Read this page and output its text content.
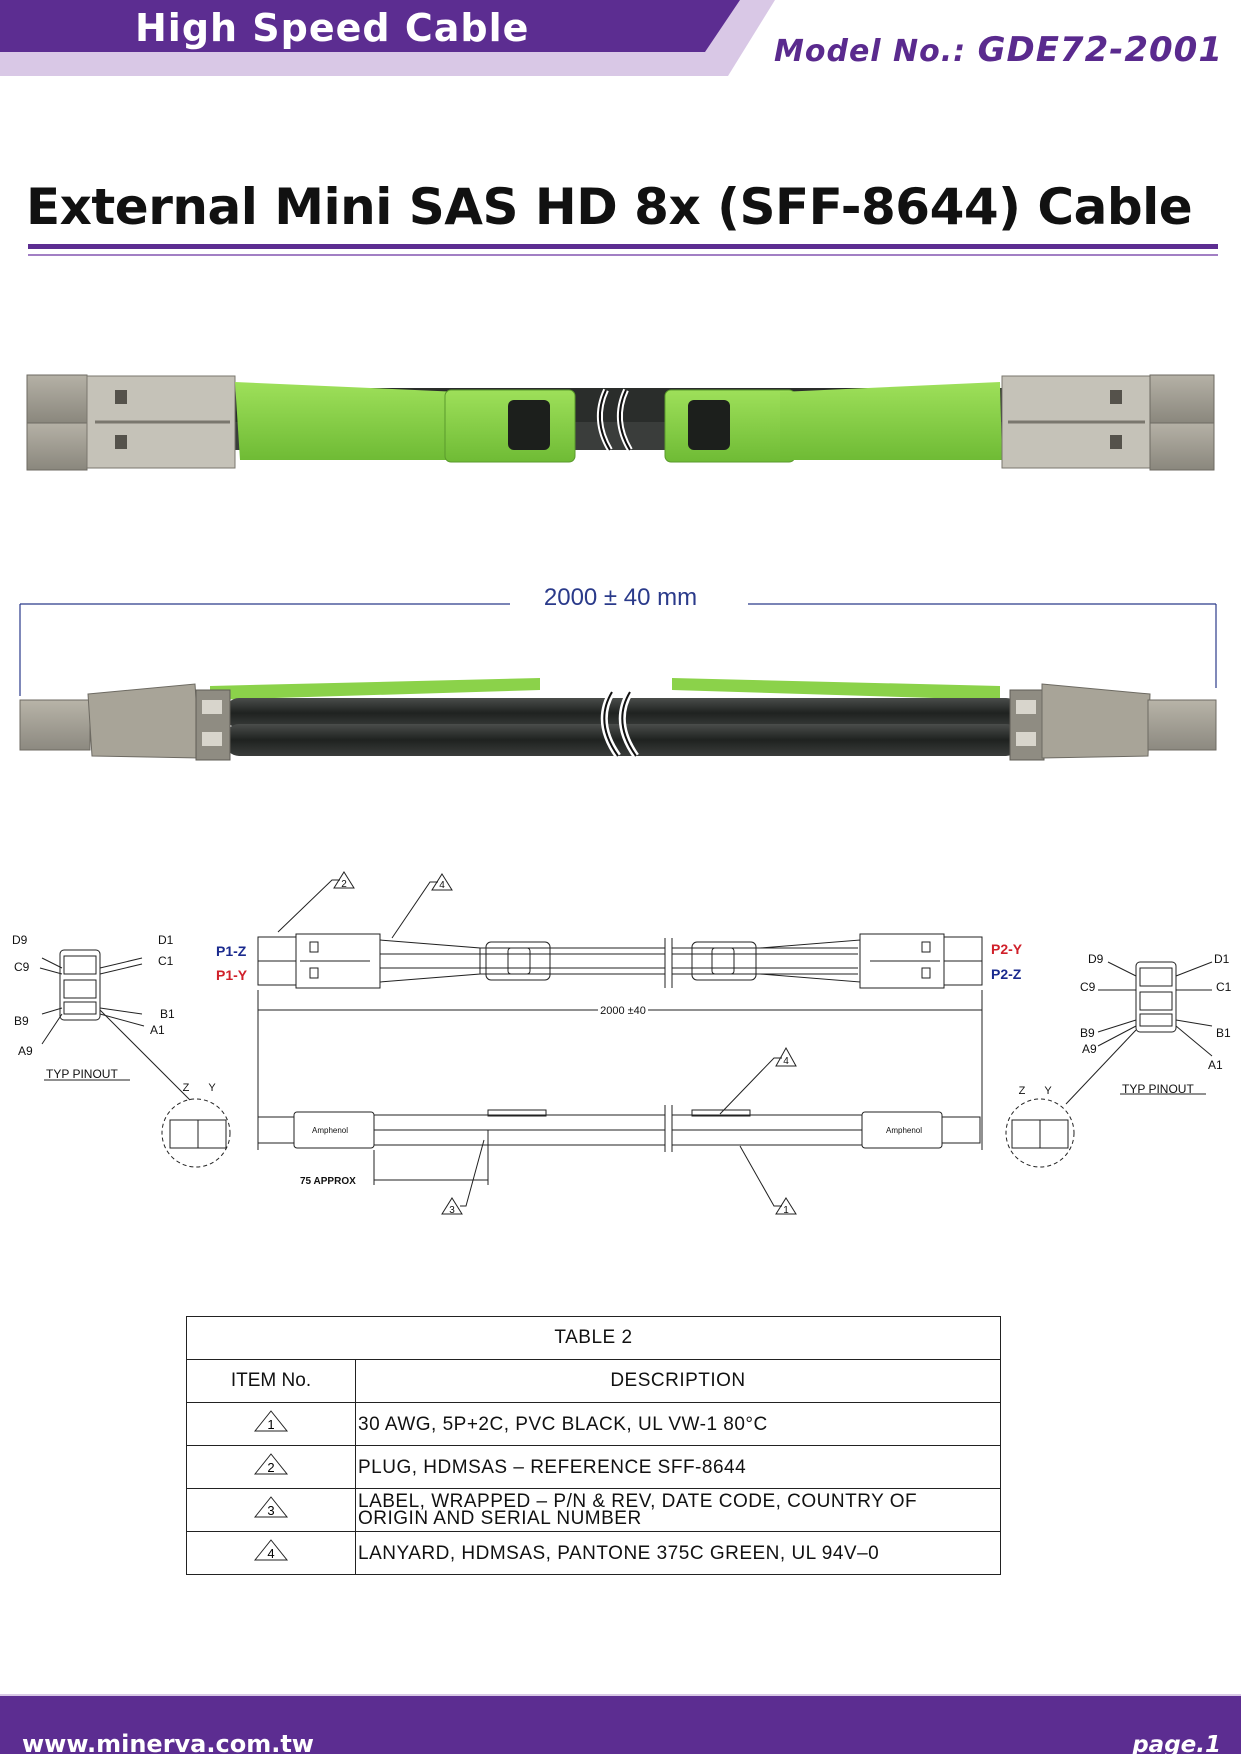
High Speed Cable
Model No.: GDE72-2001
External Mini SAS HD 8x (SFF-8644) Cable
2000 ± 40 mm
2	4
3
4
1
2000 ±40
75 APPROX
Amphenol	Amphenol
Z Y	Z Y
P1-Z
P1-Y
P2-Y
P2-Z
D9	D1
C9	C1
B9	B1
A9
A1
TYP PINOUT
D9	D1
C9	C1
B9	B1
A9
A1
TYP PINOUT
TABLE 2	
ITEM No.	DESCRIPTION

1	30 AWG, 5P+2C, PVC BLACK, UL VW-1 80°C

2	PLUG, HDMSAS – REFERENCE SFF-8644

3	LABEL, WRAPPED – P/N & REV, DATE CODE, COUNTRY OF
ORIGIN AND SERIAL NUMBER

4	LANYARD, HDMSAS, PANTONE 375C GREEN, UL 94V–0
www.minerva.com.tw	page.1
